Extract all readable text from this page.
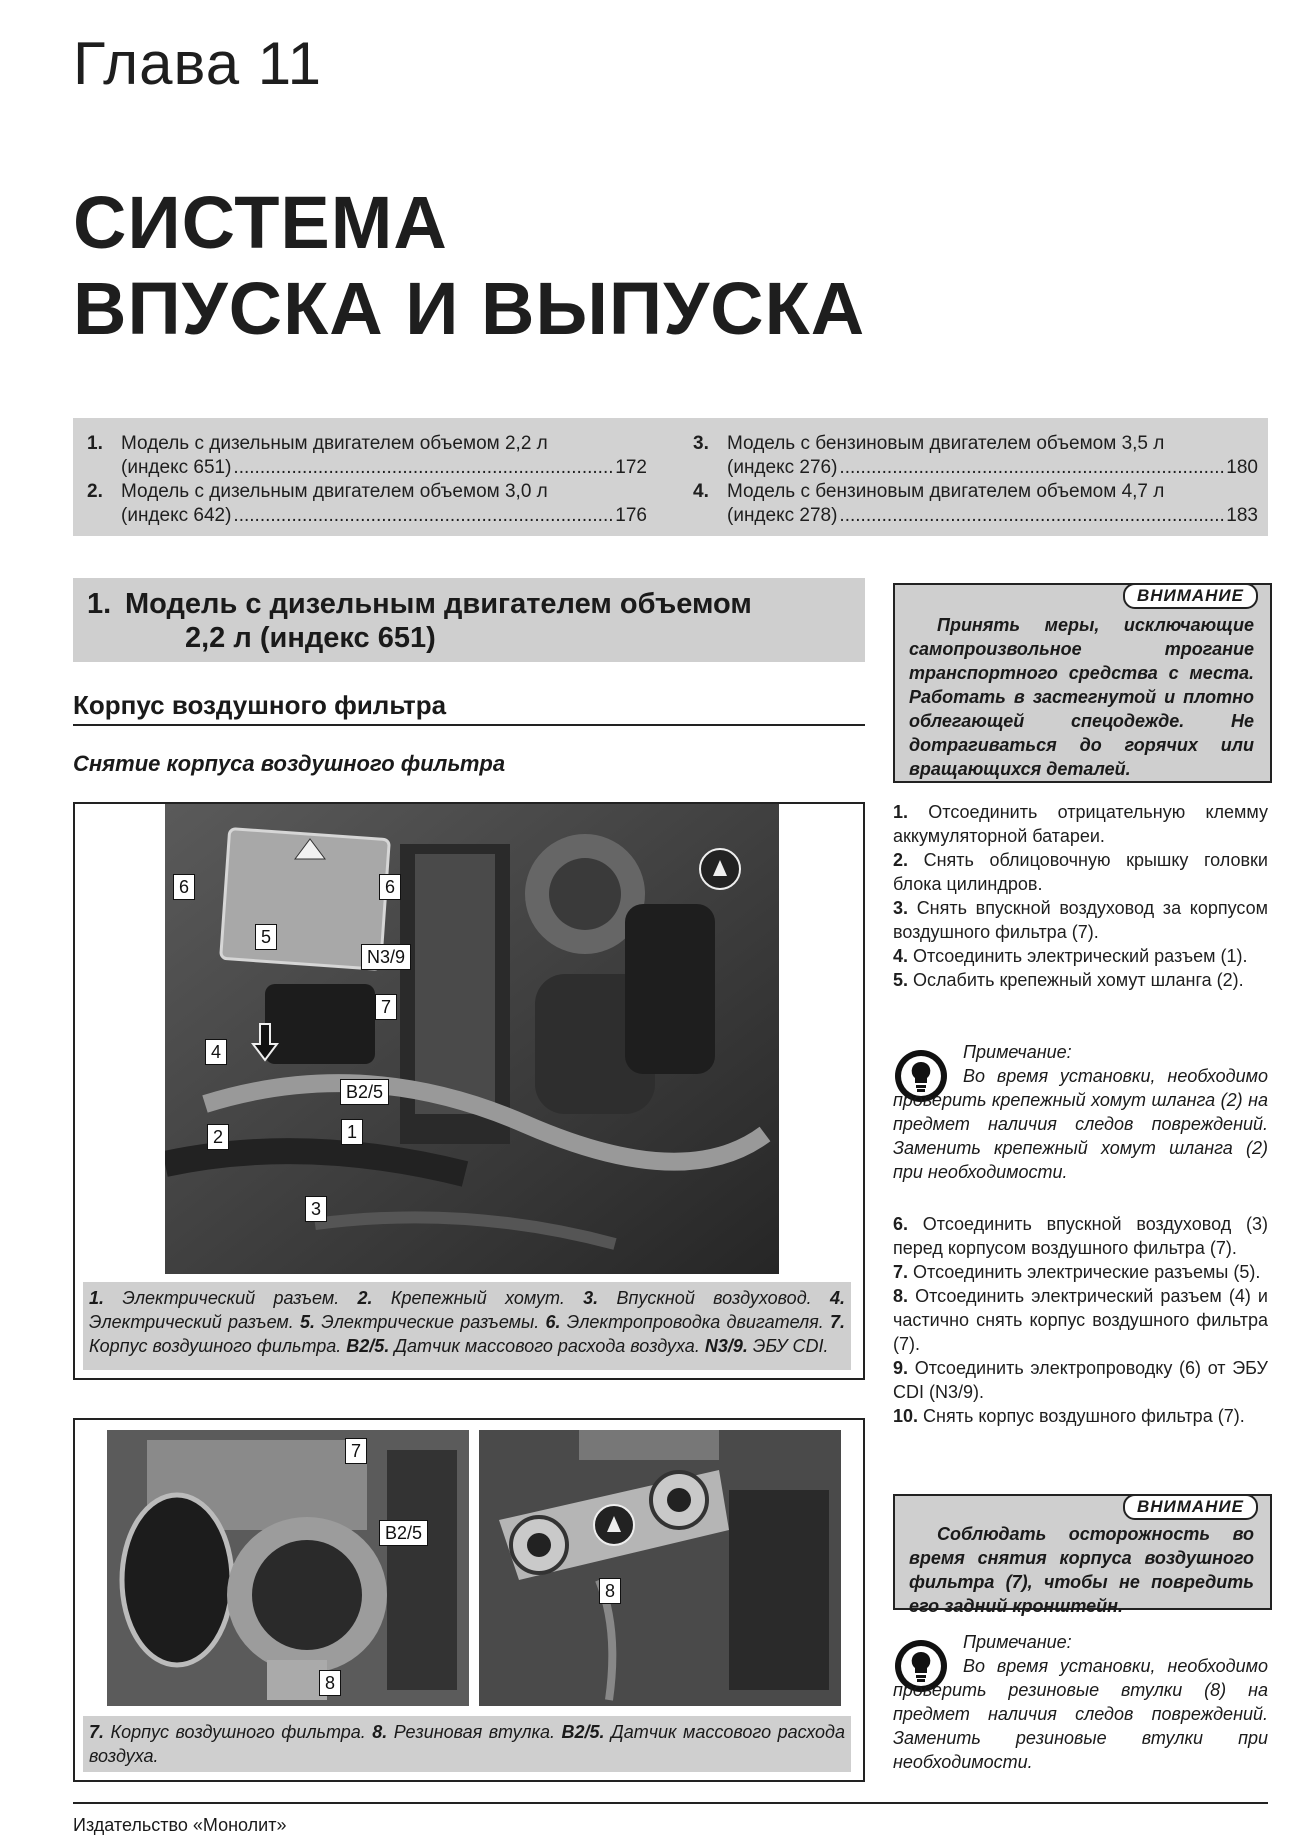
Глава 11
СИСТЕМА
ВПУСКА И ВЫПУСКА
1. Модель с дизельным двигателем объемом 2,2 л
(индекс 651) .....	172
2. Модель с дизельным двигателем объемом 3,0 л
(индекс 642) .....	176
3. Модель с бензиновым двигателем объемом 3,5 л
(индекс 276) .....	180
4. Модель с бензиновым двигателем объемом 4,7 л
(индекс 278) .....	183
1. Модель с дизельным двигателем объемом
2,2 л (индекс 651)
Корпус воздушного фильтра
Снятие корпуса воздушного фильтра
6	6
5
N3/9
7
4
B2/5
2	1
3
1. Электрический разъем. 2. Крепежный хомут. 3. Впускной воздуховод. 4. Электрический разъем. 5. Электрические разъемы. 6. Электропроводка двигателя. 7. Корпус воздушного фильтра. B2/5. Датчик массового расхода воздуха. N3/9. ЭБУ CDI.
7
B2/5
8
8
7. Корпус воздушного фильтра. 8. Резиновая втулка. B2/5. Датчик массового расхода воздуха.
ВНИМАНИЕ
Принять меры, исключающие самопроизвольное трогание транспортного средства с места. Работать в застегнутой и плотно облегающей спецодежде. Не дотрагиваться до горячих или вращающихся деталей.

1. Отсоединить отрицательную клемму аккумуляторной батареи.

2. Снять облицовочную крышку головки блока цилиндров.

3. Снять впускной воздуховод за корпусом воздушного фильтра (7).

4. Отсоединить электрический разъем (1).

5. Ослабить крепежный хомут шланга (2).

Примечание:
Во время установки, необходимо проверить крепежный хомут шланга (2) на предмет наличия следов повреждений. Заменить крепежный хомут шланга (2) при необходимости.

6. Отсоединить впускной воздуховод (3) перед корпусом воздушного фильтра (7).

7. Отсоединить электрические разъемы (5).

8. Отсоединить электрический разъем (4) и частично снять корпус воздушного фильтра (7).

9. Отсоединить электропроводку (6) от ЭБУ CDI (N3/9).

10. Снять корпус воздушного фильтра (7).

ВНИМАНИЕ
Соблюдать осторожность во время снятия корпуса воздушного фильтра (7), чтобы не повредить его задний кронштейн.
Примечание:
Во время установки, необходимо проверить резиновые втулки (8) на предмет наличия следов повреждений. Заменить резиновые втулки при необходимости.
Издательство «Монолит»
